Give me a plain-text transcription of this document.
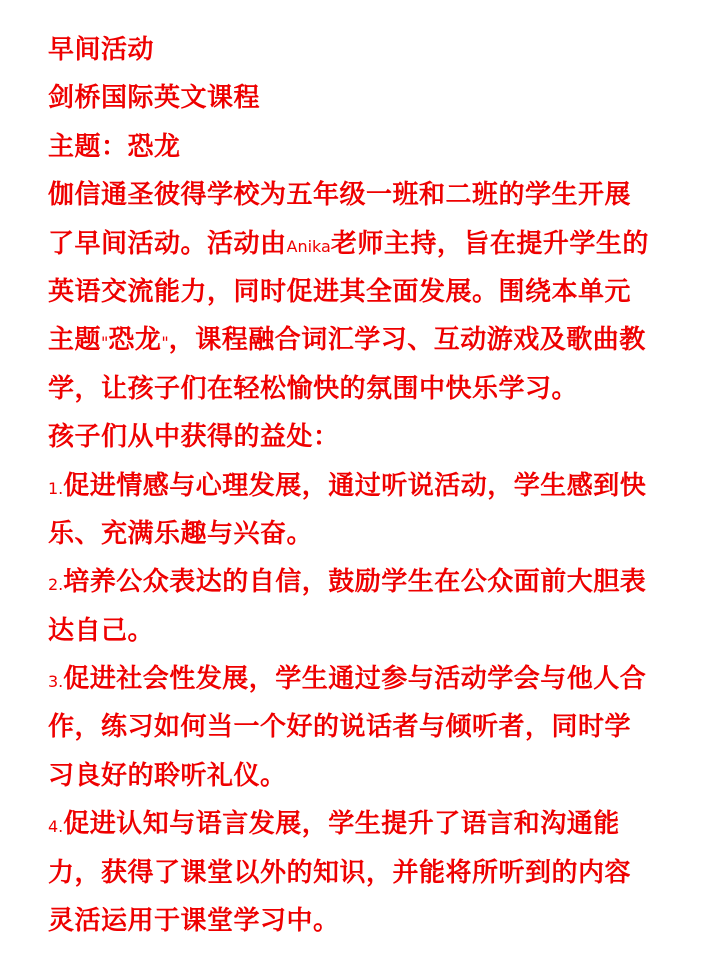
早间活动
剑桥国际英文课程
主题：恐龙
伽信通圣彼得学校为五年级一班和二班的学生开展
了早间活动。活动由Anika老师主持，旨在提升学生的
英语交流能力，同时促进其全面发展。围绕本单元
主题"恐龙"，课程融合词汇学习、互动游戏及歌曲教
学，让孩子们在轻松愉快的氛围中快乐学习。
孩子们从中获得的益处：
1.促进情感与心理发展，通过听说活动，学生感到快
乐、充满乐趣与兴奋。
2.培养公众表达的自信，鼓励学生在公众面前大胆表
达自己。
3.促进社会性发展，学生通过参与活动学会与他人合
作，练习如何当一个好的说话者与倾听者，同时学
习良好的聆听礼仪。
4.促进认知与语言发展，学生提升了语言和沟通能
力，获得了课堂以外的知识，并能将所听到的内容
灵活运用于课堂学习中。
